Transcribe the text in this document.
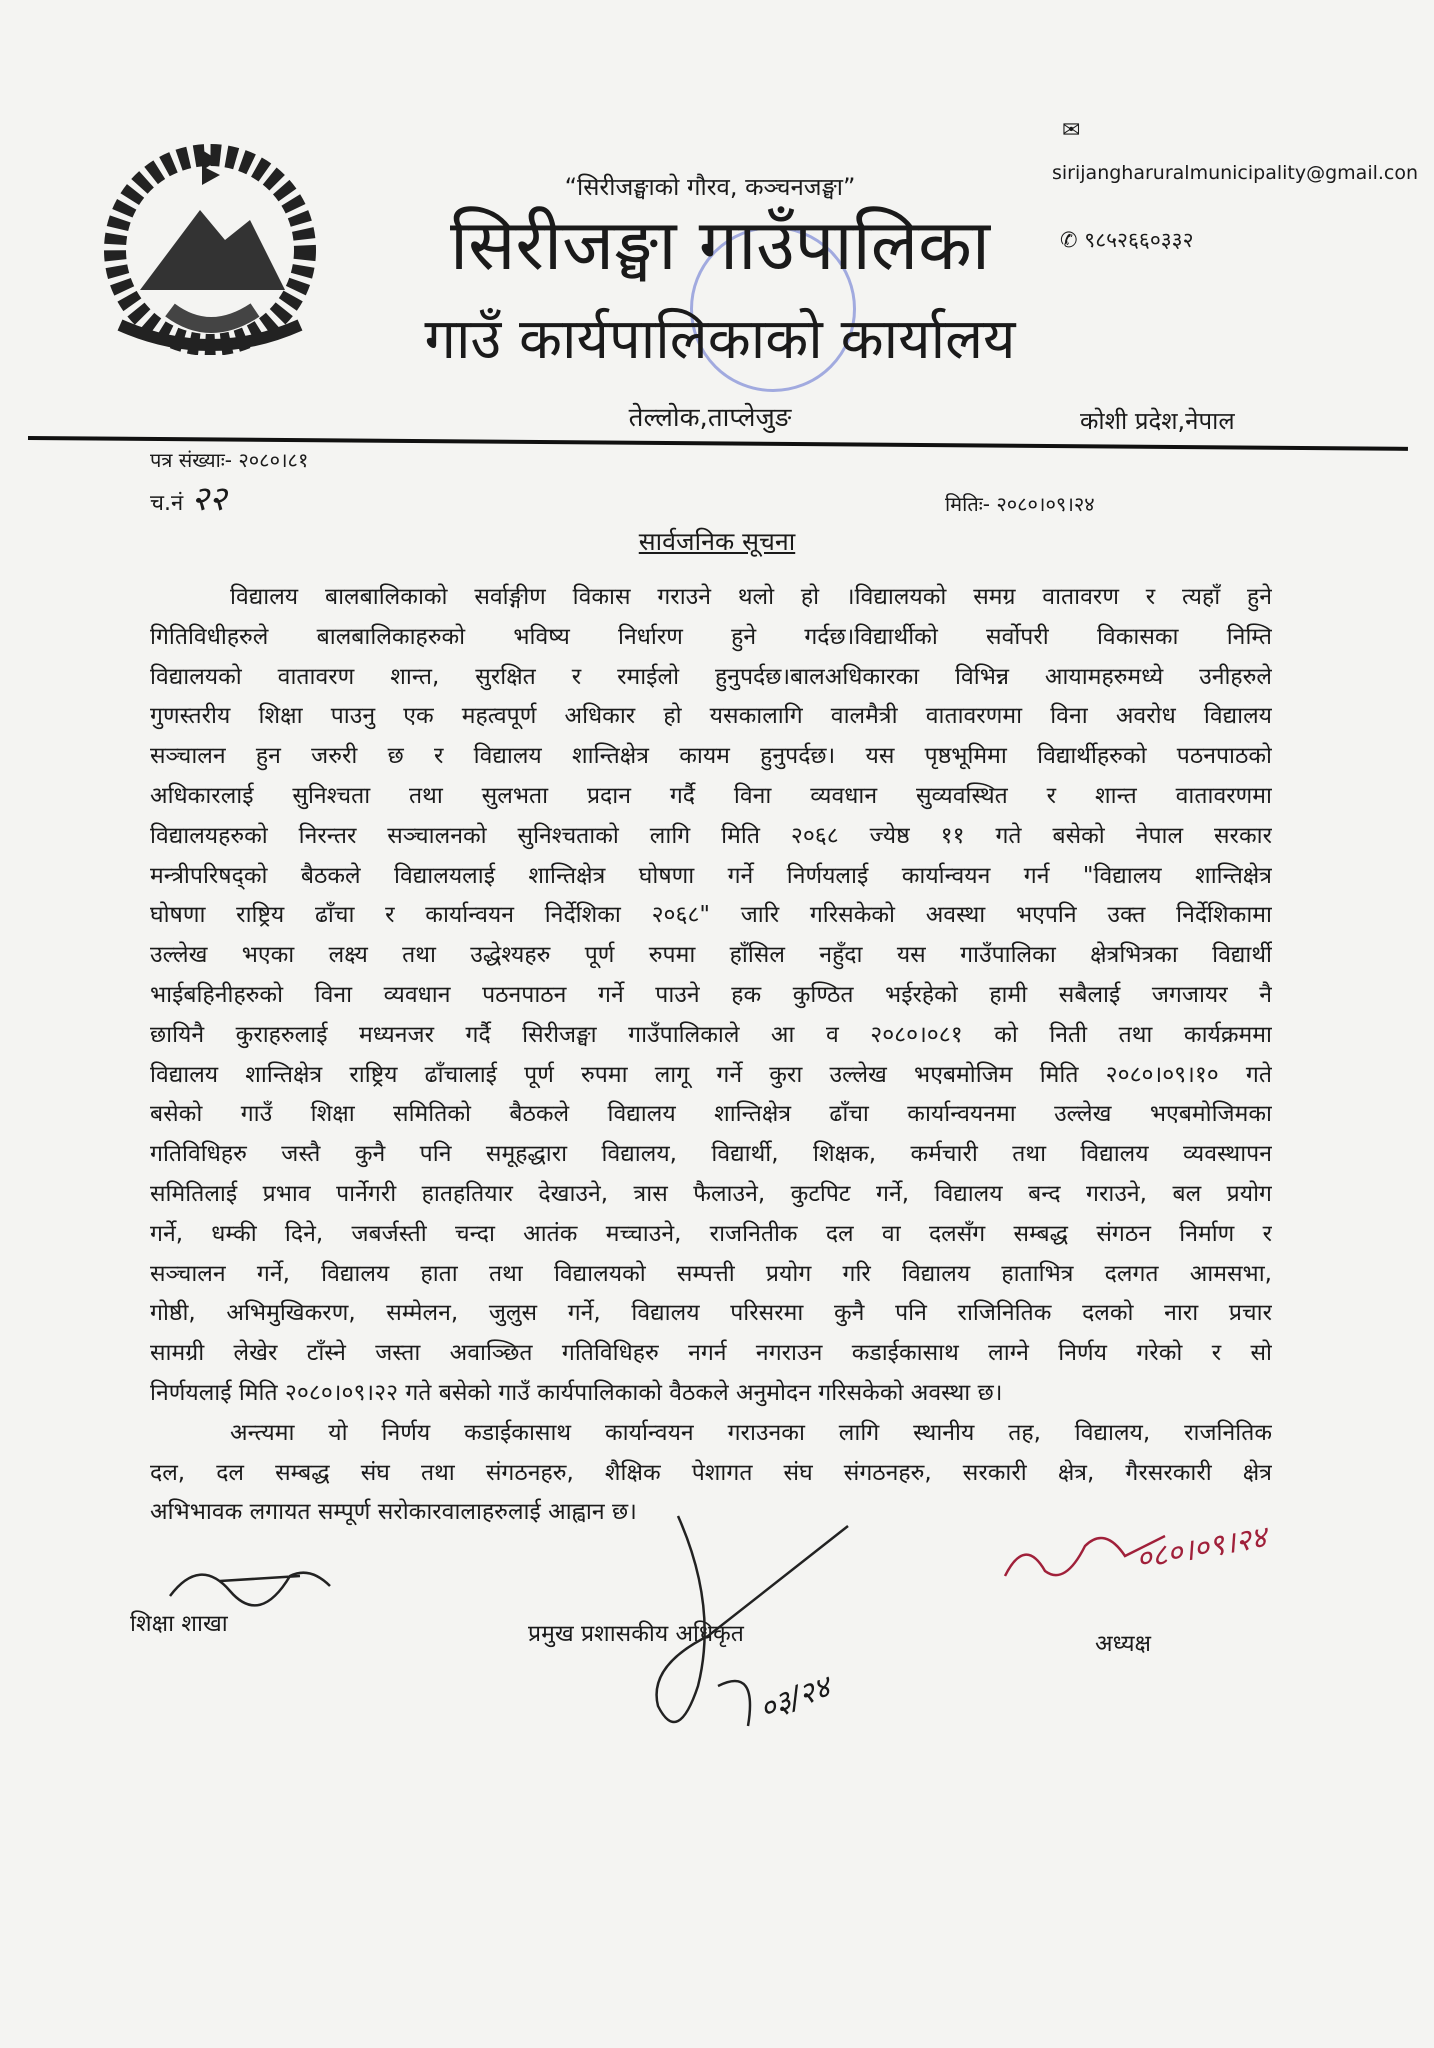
“सिरीजङ्घाको गौरव, कञ्चनजङ्घा”
सिरीजङ्घा गाउँपालिका
गाउँ कार्यपालिकाको कार्यालय
तेल्लोक,ताप्लेजुङ
✉
sirijangharuralmunicipality@gmail.con
✆ ९८५२६६०३३२
कोशी प्रदेश,नेपाल
पत्र संख्याः- २०८०।८१
च.नं २२	मितिः- २०८०।०९।२४
सार्वजनिक सूचना
विद्यालय बालबालिकाको सर्वाङ्गीण विकास गराउने थलो हो ।विद्यालयको समग्र वातावरण र त्यहाँ हुने
गितिविधीहरुले बालबालिकाहरुको भविष्य निर्धारण हुने गर्दछ।विद्यार्थीको सर्वोपरी विकासका निम्ति
विद्यालयको वातावरण शान्त, सुरक्षित र रमाईलो हुनुपर्दछ।बालअधिकारका विभिन्न आयामहरुमध्ये उनीहरुले
गुणस्तरीय शिक्षा पाउनु एक महत्वपूर्ण अधिकार हो यसकालागि वालमैत्री वातावरणमा विना अवरोध विद्यालय
सञ्चालन हुन जरुरी छ र विद्यालय शान्तिक्षेत्र कायम हुनुपर्दछ। यस पृष्ठभूमिमा विद्यार्थीहरुको पठनपाठको
अधिकारलाई सुनिश्चता तथा सुलभता प्रदान गर्दै विना व्यवधान सुव्यवस्थित र शान्त वातावरणमा
विद्यालयहरुको निरन्तर सञ्चालनको सुनिश्चताको लागि मिति २०६८ ज्येष्ठ ११ गते बसेको नेपाल सरकार
मन्त्रीपरिषद्को बैठकले विद्यालयलाई शान्तिक्षेत्र घोषणा गर्ने निर्णयलाई कार्यान्वयन गर्न "विद्यालय शान्तिक्षेत्र
घोषणा राष्ट्रिय ढाँचा र कार्यान्वयन निर्देशिका २०६८" जारि गरिसकेको अवस्था भएपनि उक्त निर्देशिकामा
उल्लेख भएका लक्ष्य तथा उद्धेश्यहरु पूर्ण रुपमा हाँसिल नहुँदा यस गाउँपालिका क्षेत्रभित्रका विद्यार्थी
भाईबहिनीहरुको विना व्यवधान पठनपाठन गर्ने पाउने हक कुण्ठित भईरहेको हामी सबैलाई जगजायर नै
छायिनै कुराहरुलाई मध्यनजर गर्दै सिरीजङ्घा गाउँपालिकाले आ व २०८०।०८१ को निती तथा कार्यक्रममा
विद्यालय शान्तिक्षेत्र राष्ट्रिय ढाँचालाई पूर्ण रुपमा लागू गर्ने कुरा उल्लेख भएबमोजिम मिति २०८०।०९।१० गते
बसेको गाउँ शिक्षा समितिको बैठकले विद्यालय शान्तिक्षेत्र ढाँचा कार्यान्वयनमा उल्लेख भएबमोजिमका
गतिविधिहरु जस्तै कुनै पनि समूहद्धारा विद्यालय, विद्यार्थी, शिक्षक, कर्मचारी तथा विद्यालय व्यवस्थापन
समितिलाई प्रभाव पार्नेगरी हातहतियार देखाउने, त्रास फैलाउने, कुटपिट गर्ने, विद्यालय बन्द गराउने, बल प्रयोग
गर्ने, धम्की दिने, जबर्जस्ती चन्दा आतंक मच्चाउने, राजनितीक दल वा दलसँग सम्बद्ध संगठन निर्माण र
सञ्चालन गर्ने, विद्यालय हाता तथा विद्यालयको सम्पत्ती प्रयोग गरि विद्यालय हाताभित्र दलगत आमसभा,
गोष्ठी, अभिमुखिकरण, सम्मेलन, जुलुस गर्ने, विद्यालय परिसरमा कुनै पनि राजिनितिक दलको नारा प्रचार
सामग्री लेखेर टाँस्ने जस्ता अवाञ्छित गतिविधिहरु नगर्न नगराउन कडाईकासाथ लाग्ने निर्णय गरेको र सो
निर्णयलाई मिति २०८०।०९।२२ गते बसेको गाउँ कार्यपालिकाको वैठकले अनुमोदन गरिसकेको अवस्था छ।
अन्त्यमा यो निर्णय कडाईकासाथ कार्यान्वयन गराउनका लागि स्थानीय तह, विद्यालय, राजनितिक
दल, दल सम्बद्ध संघ तथा संगठनहरु, शैक्षिक पेशागत संघ संगठनहरु, सरकारी क्षेत्र, गैरसरकारी क्षेत्र
अभिभावक लगायत सम्पूर्ण सरोकारवालाहरुलाई आह्वान छ।
शिक्षा शाखा	प्रमुख प्रशासकीय अधिकृत
०३/२४
०८०।०९।२४
अध्यक्ष
